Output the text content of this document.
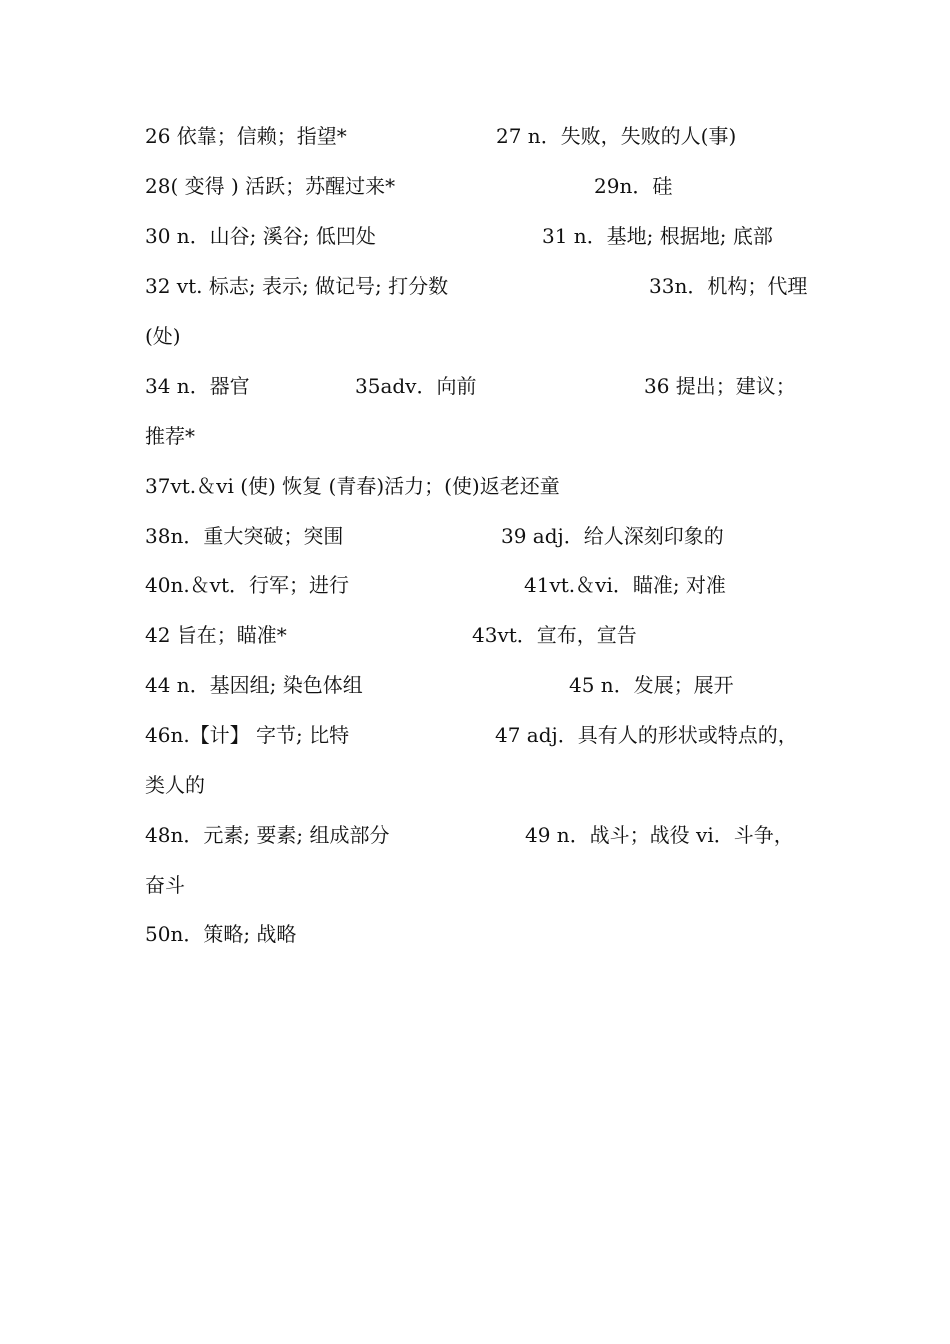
26 依靠；信赖；指望*	27 n．失败，失败的人(事)
28( 变得 ) 活跃；苏醒过来*	29n．硅
30 n．山谷; 溪谷; 低凹处	31 n．基地; 根据地; 底部
32 vt. 标志; 表示; 做记号; 打分数	33n．机构；代理
(处)
34 n．器官	35adv．向前	36 提出；建议；
推荐*
37vt.＆vi (使) 恢复 (青春)活力；(使)返老还童
38n．重大突破；突围	39 adj．给人深刻印象的
40n.＆vt．行军；进行	41vt.＆vi．瞄准; 对准
42 旨在；瞄准*	43vt．宣布，宣告
44 n．基因组; 染色体组	45 n．发展；展开
46n.【计】 字节; 比特	47 adj．具有人的形状或特点的，
类人的
48n．元素; 要素; 组成部分	49 n．战斗；战役 vi．斗争，
奋斗
50n．策略; 战略
